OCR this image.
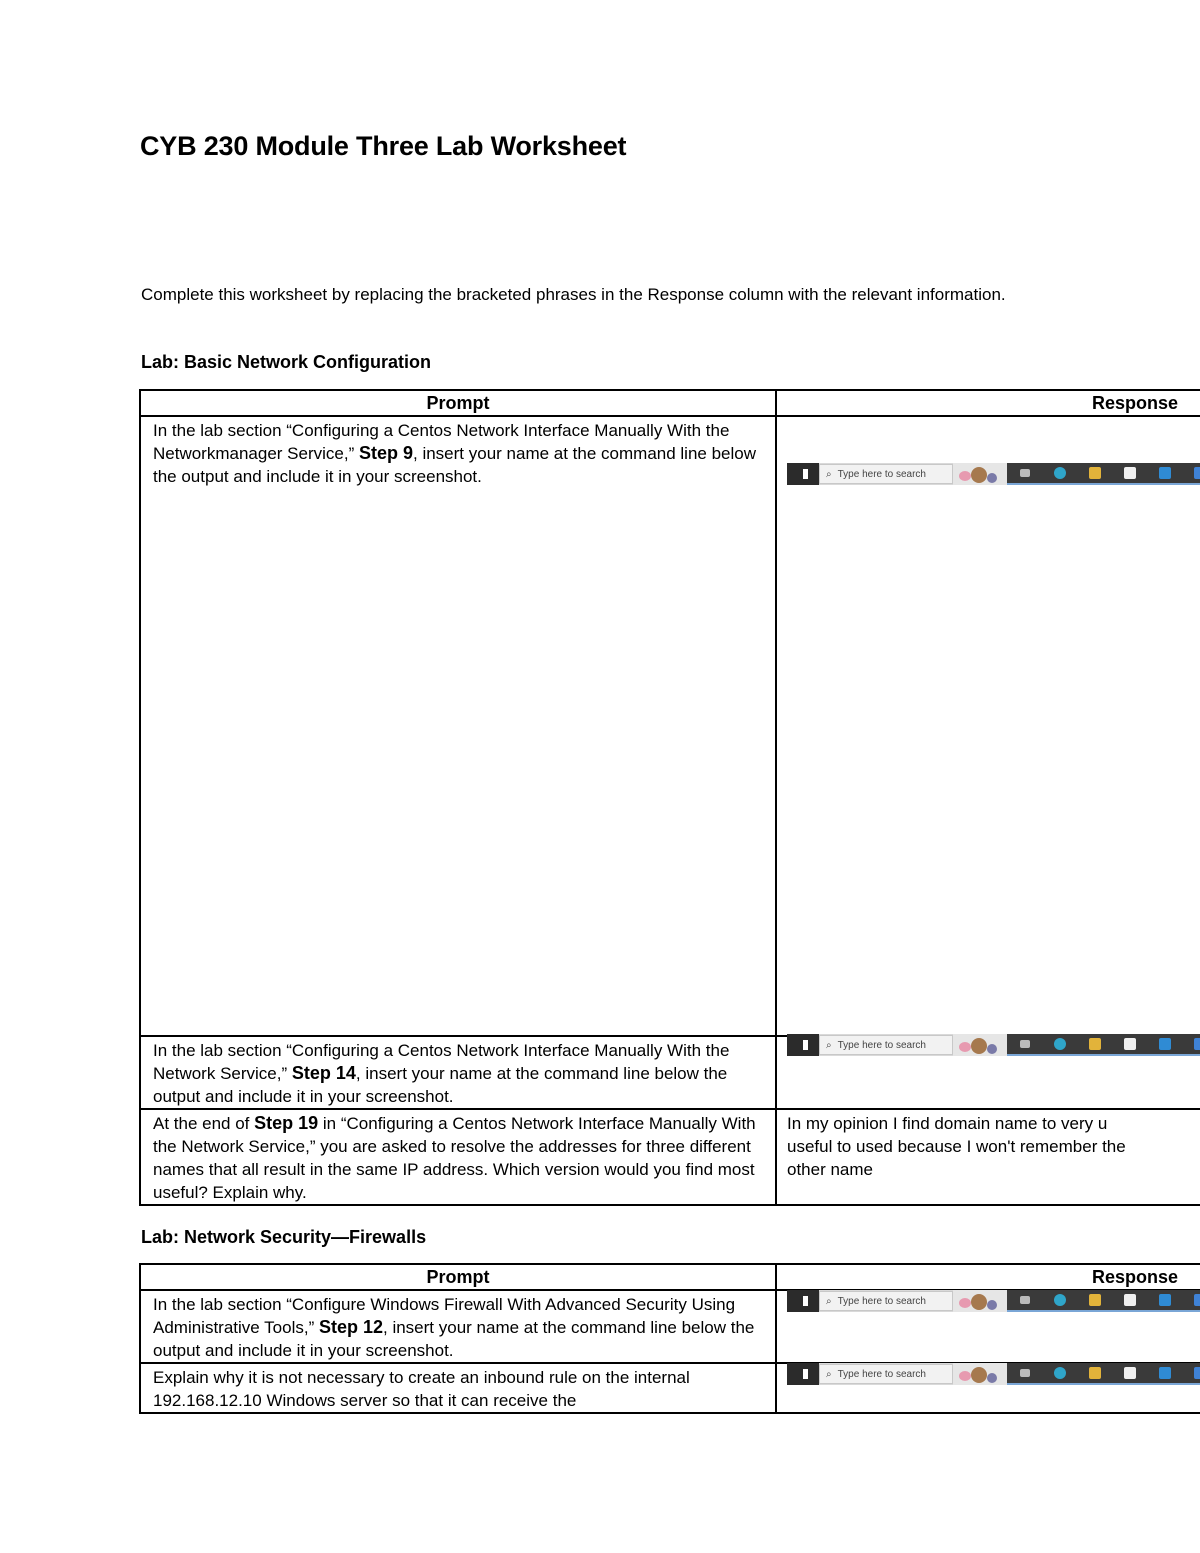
CYB 230 Module Three Lab Worksheet
Complete this worksheet by replacing the bracketed phrases in the Response column with the relevant information.
Lab: Basic Network Configuration
Prompt	Response
In the lab section “Configuring a Centos Network Interface Manually With the Networkmanager Service,” Step 9, insert your name at the command line below the output and include it in your screenshot.	⌕ Type here to search

In the lab section “Configuring a Centos Network Interface Manually With the Network Service,” Step 14, insert your name at the command line below the output and include it in your screenshot.	⌕ Type here to search

At the end of Step 19 in “Configuring a Centos Network Interface Manually With the Network Service,” you are asked to resolve the addresses for three different names that all result in the same IP address. Which version would you find most useful? Explain why.	In my opinion I find domain name to very u useful to used because I won't remember the other name
Lab: Network Security—Firewalls
Prompt	Response
In the lab section “Configure Windows Firewall With Advanced Security Using Administrative Tools,” Step 12, insert your name at the command line below the output and include it in your screenshot.	⌕ Type here to search

Explain why it is not necessary to create an inbound rule on the internal 192.168.12.10 Windows server so that it can receive the	⌕ Type here to search
